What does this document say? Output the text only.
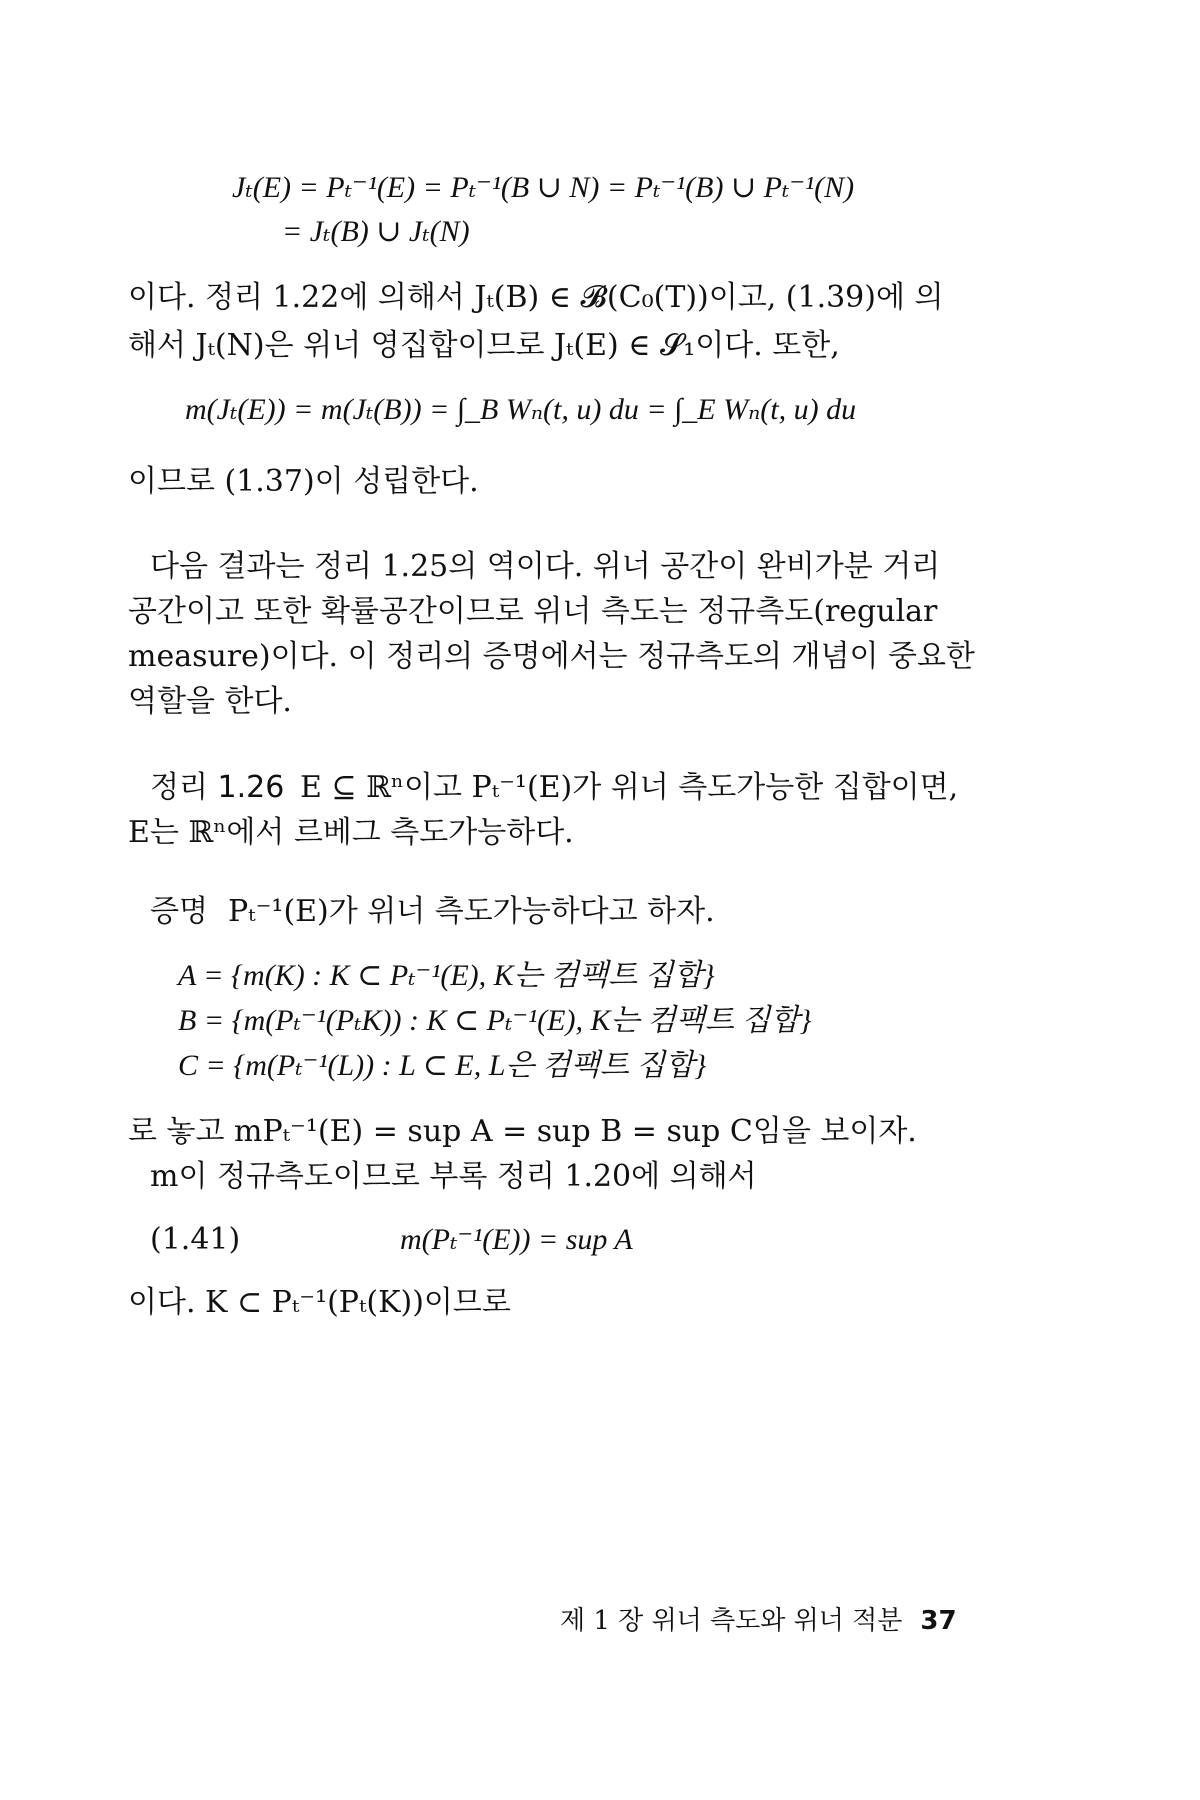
Jₜ(E) = Pₜ⁻¹(E) = Pₜ⁻¹(B ∪ N) = Pₜ⁻¹(B) ∪ Pₜ⁻¹(N)
= Jₜ(B) ∪ Jₜ(N)
이다. 정리 1.22에 의해서 Jₜ(B) ∈ 𝓑(C₀(T))이고, (1.39)에 의
해서 Jₜ(N)은 위너 영집합이므로 Jₜ(E) ∈ 𝓢₁이다. 또한,
m(Jₜ(E)) = m(Jₜ(B)) = ∫_B Wₙ(t, u) du = ∫_E Wₙ(t, u) du
이므로 (1.37)이 성립한다.
다음 결과는 정리 1.25의 역이다. 위너 공간이 완비가분 거리
공간이고 또한 확률공간이므로 위너 측도는 정규측도(regular
measure)이다. 이 정리의 증명에서는 정규측도의 개념이 중요한
역할을 한다.
정리 1.26 E ⊆ ℝⁿ이고 Pₜ⁻¹(E)가 위너 측도가능한 집합이면,
E는 ℝⁿ에서 르베그 측도가능하다.
증명 Pₜ⁻¹(E)가 위너 측도가능하다고 하자.
A = {m(K) : K ⊂ Pₜ⁻¹(E), K는 컴팩트 집합}
B = {m(Pₜ⁻¹(PₜK)) : K ⊂ Pₜ⁻¹(E), K는 컴팩트 집합}
C = {m(Pₜ⁻¹(L)) : L ⊂ E, L은 컴팩트 집합}
로 놓고 mPₜ⁻¹(E) = sup A = sup B = sup C임을 보이자.
m이 정규측도이므로 부록 정리 1.20에 의해서
(1.41)	m(Pₜ⁻¹(E)) = sup A
이다. K ⊂ Pₜ⁻¹(Pₜ(K))이므로
제 1 장 위너 측도와 위너 적분 37
